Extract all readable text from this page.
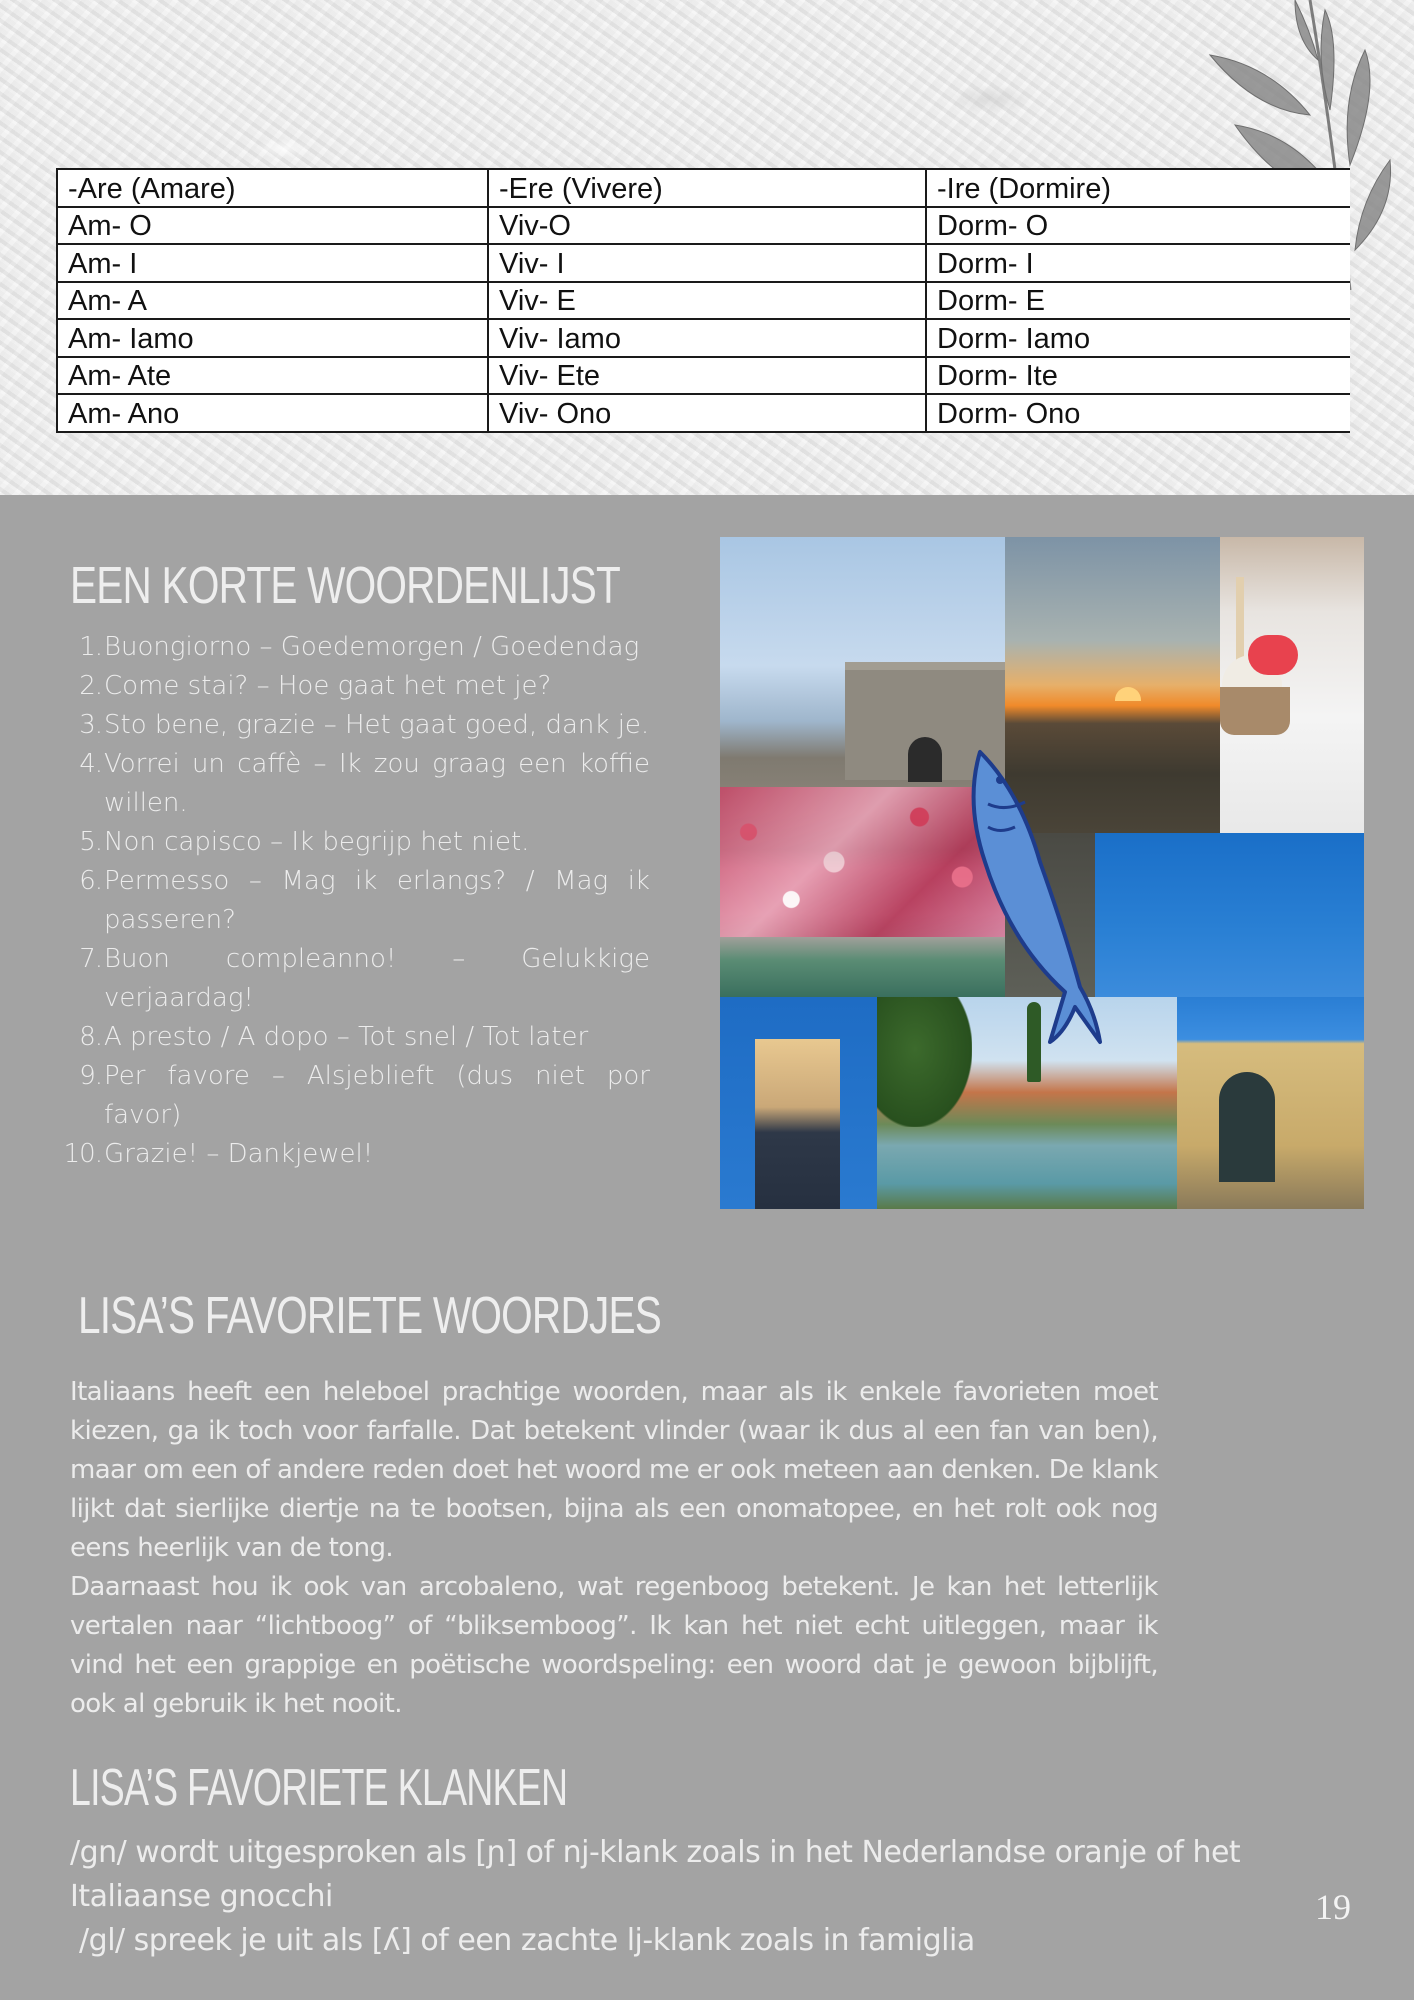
-Are (Amare)	-Ere (Vivere)	-Ire (Dormire)
Am- O	Viv-O	Dorm- O
Am- I	Viv- I	Dorm- I
Am- A	Viv- E	Dorm- E
Am- Iamo	Viv- Iamo	Dorm- Iamo
Am- Ate	Viv- Ete	Dorm- Ite
Am- Ano	Viv- Ono	Dorm- Ono
EEN KORTE WOORDENLIJST
1. Buongiorno – Goedemorgen / Goedendag
2. Come stai? – Hoe gaat het met je?
3. Sto bene, grazie – Het gaat goed, dank je.
4. Vorrei un caffè – Ik zou graag een koffie willen.
5. Non capisco – Ik begrijp het niet.
6. Permesso – Mag ik erlangs? / Mag ik passeren?
7. Buon compleanno! – Gelukkige verjaardag!
8. A presto / A dopo – Tot snel / Tot later
9. Per favore – Alsjeblieft (dus niet por favor)
10. Grazie! – Dankjewel!
LISA’S FAVORIETE WOORDJES

Italiaans heeft een heleboel prachtige woorden, maar als ik enkele favorieten moet kiezen, ga ik toch voor farfalle. Dat betekent vlinder (waar ik dus al een fan van ben), maar om een of andere reden doet het woord me er ook meteen aan denken. De klank lijkt dat sierlijke diertje na te bootsen, bijna als een onomatopee, en het rolt ook nog eens heerlijk van de tong.

Daarnaast hou ik ook van arcobaleno, wat regenboog betekent. Je kan het letterlijk vertalen naar “lichtboog” of “bliksemboog”. Ik kan het niet echt uitleggen, maar ik vind het een grappige en poëtische woordspeling: een woord dat je gewoon bijblijft, ook al gebruik ik het nooit.

LISA’S FAVORIETE KLANKEN
/gn/ wordt uitgesproken als [ɲ] of nj-klank zoals in het Nederlandse oranje of het Italiaanse gnocchi
/gl/ spreek je uit als [ʎ] of een zachte lj-klank zoals in famiglia
19
